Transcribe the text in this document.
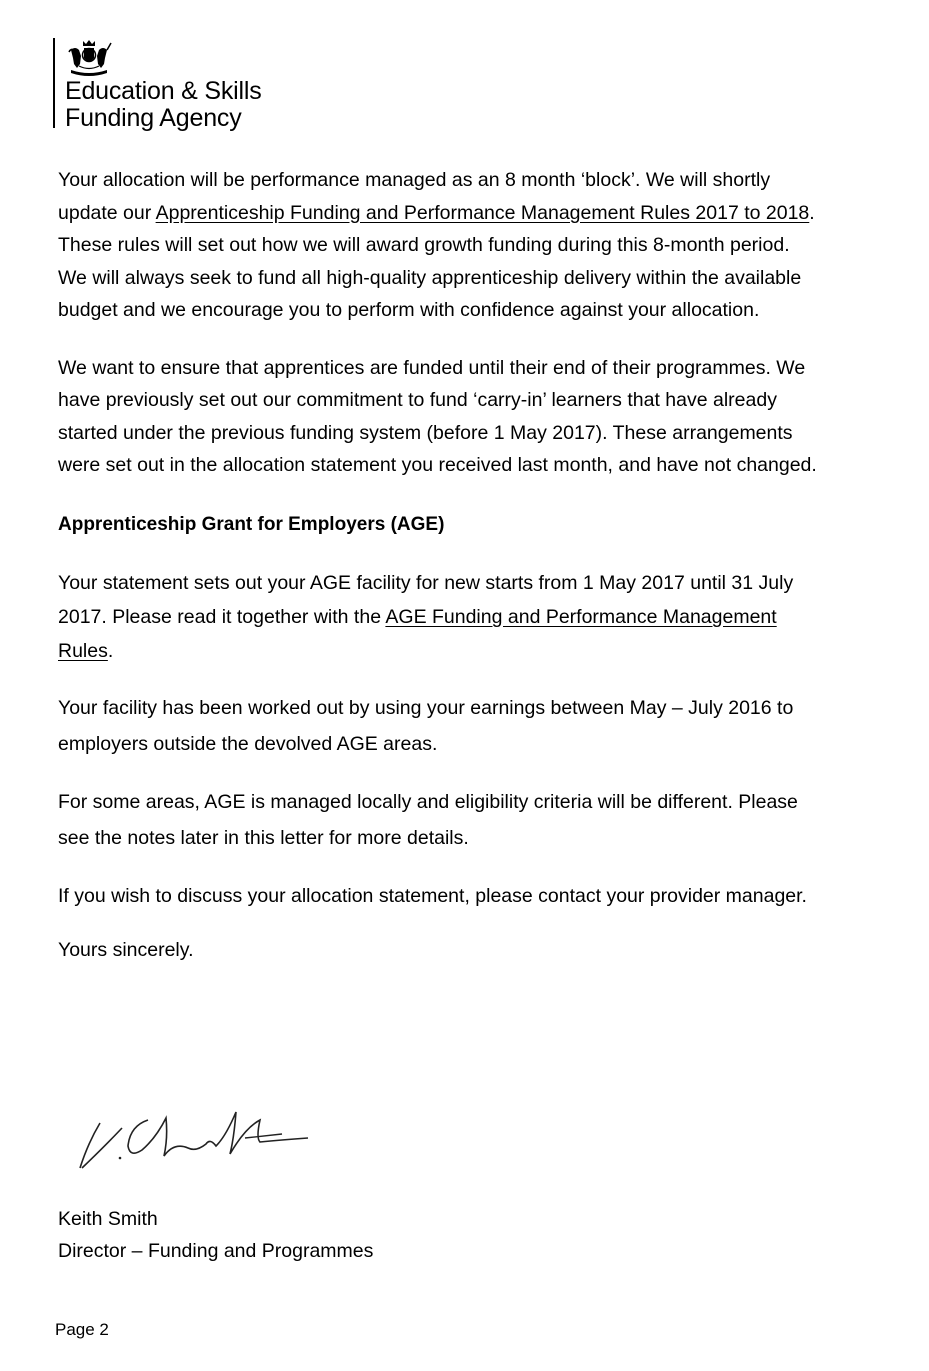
Education & Skills
Funding Agency

Your allocation will be performance managed as an 8 month ‘block’. We will shortly update our Apprenticeship Funding and Performance Management Rules 2017 to 2018. These rules will set out how we will award growth funding during this 8-month period. We will always seek to fund all high-quality apprenticeship delivery within the available budget and we encourage you to perform with confidence against your allocation.

We want to ensure that apprentices are funded until their end of their programmes. We have previously set out our commitment to fund ‘carry-in’ learners that have already started under the previous funding system (before 1 May 2017). These arrangements were set out in the allocation statement you received last month, and have not changed.

Apprenticeship Grant for Employers (AGE)

Your statement sets out your AGE facility for new starts from 1 May 2017 until 31 July 2017. Please read it together with the AGE Funding and Performance Management Rules.

Your facility has been worked out by using your earnings between May – July 2016 to employers outside the devolved AGE areas.

For some areas, AGE is managed locally and eligibility criteria will be different. Please see the notes later in this letter for more details.

If you wish to discuss your allocation statement, please contact your provider manager.

Yours sincerely.

Keith Smith
Director – Funding and Programmes
Page 2
